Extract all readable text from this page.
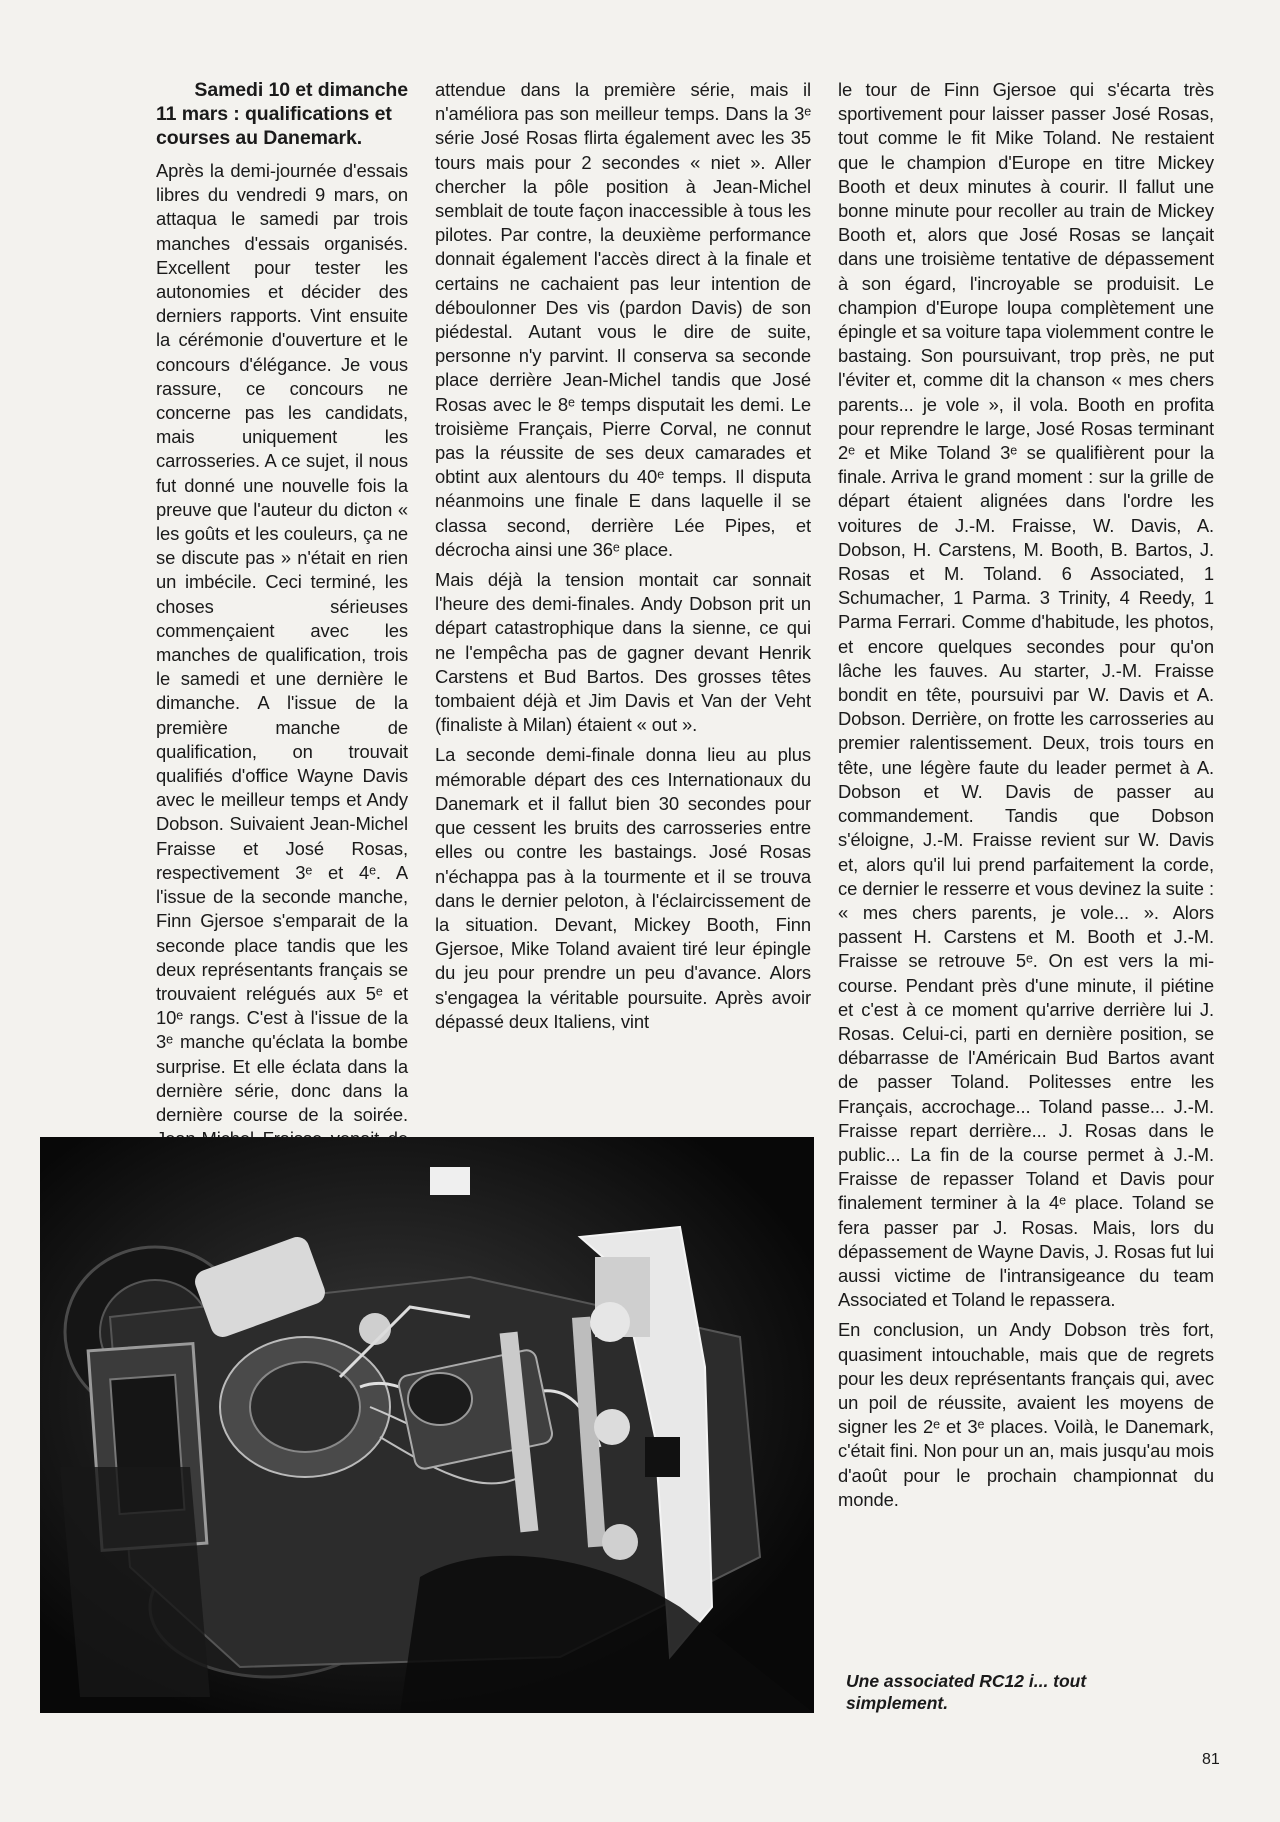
Samedi 10 et dimanche
11 mars : qualifications et courses au Danemark.

Après la demi-journée d'essais libres du vendredi 9 mars, on attaqua le samedi par trois manches d'essais organisés. Excellent pour tester les autonomies et décider des derniers rapports. Vint ensuite la cérémonie d'ouverture et le concours d'élégance. Je vous rassure, ce concours ne concerne pas les candidats, mais uniquement les carrosseries. A ce sujet, il nous fut donné une nouvelle fois la preuve que l'auteur du dicton « les goûts et les couleurs, ça ne se discute pas » n'était en rien un imbécile. Ceci terminé, les choses sérieuses commençaient avec les manches de qualification, trois le samedi et une dernière le dimanche. A l'issue de la première manche de qualification, on trouvait qualifiés d'office Wayne Davis avec le meilleur temps et Andy Dobson. Suivaient Jean-Michel Fraisse et José Rosas, respectivement 3ᵉ et 4ᵉ. A l'issue de la seconde manche, Finn Gjersoe s'emparait de la seconde place tandis que les deux représentants français se trouvaient relégués aux 5ᵉ et 10ᵉ rangs. C'est à l'issue de la 3ᵉ manche qu'éclata la bombe surprise. Et elle éclata dans la dernière série, donc dans la dernière course de la soirée.

attendue dans la première série, mais il n'améliora pas son meilleur temps. Dans la 3ᵉ série José Rosas flirta également avec les 35 tours mais pour 2 secondes « niet ». Aller chercher la pôle position à Jean-Michel semblait de toute façon inaccessible à tous les pilotes. Par contre, la deuxième performance donnait également l'accès direct à la finale et certains ne cachaient pas leur intention de déboulonner Des vis (pardon Davis) de son piédestal. Autant vous le dire de suite, personne n'y parvint. Il conserva sa seconde place derrière Jean-Michel tandis que José Rosas avec le 8ᵉ temps disputait les demi. Le troisième Français, Pierre Corval, ne connut pas la réussite de ses deux camarades et obtint aux alentours du 40ᵉ temps. Il disputa néanmoins une finale E dans laquelle il se classa second, derrière Lée Pipes, et décrocha ainsi une 36ᵉ place.

Mais déjà la tension montait car sonnait l'heure des demi-finales. Andy Dobson prit un départ catastrophique dans la sienne, ce qui ne l'empêcha pas de gagner devant Henrik Carstens et Bud Bartos. Des grosses têtes tombaient déjà et Jim Davis et Van der Veht (finaliste à Milan) étaient « out ».

La seconde demi-finale donna lieu au plus mémorable départ des ces Internationaux du Danemark et il fallut bien 30 secondes pour que cessent les bruits des carrosseries entre elles ou contre les bastaings. José Rosas n'échappa pas à la tourmente et il se trouva dans le dernier peloton, à l'éclaircissement de la situation. Devant, Mickey Booth, Finn Gjersoe, Mike Toland avaient tiré leur épingle du jeu pour prendre un peu d'avance. Alors s'engagea la véritable poursuite. Après avoir dépassé deux Italiens, vint

le tour de Finn Gjersoe qui s'écarta très sportivement pour laisser passer José Rosas, tout comme le fit Mike Toland. Ne restaient que le champion d'Europe en titre Mickey Booth et deux minutes à courir. Il fallut une bonne minute pour recoller au train de Mickey Booth et, alors que José Rosas se lançait dans une troisième tentative de dépassement à son égard, l'incroyable se produisit. Le champion d'Europe loupa complètement une épingle et sa voiture tapa violemment contre le bastaing. Son poursuivant, trop près, ne put l'éviter et, comme dit la chanson « mes chers parents... je vole », il vola. Booth en profita pour reprendre le large, José Rosas terminant 2ᵉ et Mike Toland 3ᵉ se qualifièrent pour la finale. Arriva le grand moment : sur la grille de départ étaient alignées dans l'ordre les voitures de J.-M. Fraisse, W. Davis, A. Dobson, H. Carstens, M. Booth, B. Bartos, J. Rosas et M. Toland. 6 Associated, 1 Schumacher, 1 Parma. 3 Trinity, 4 Reedy, 1 Parma Ferrari. Comme d'habitude, les photos, et encore quelques secondes pour qu'on lâche les fauves. Au starter, J.-M. Fraisse bondit en tête, poursuivi par W. Davis et A. Dobson. Derrière, on frotte les carrosseries au premier ralentissement. Deux, trois tours en tête, une légère faute du leader permet à A. Dobson et W. Davis de passer au commandement. Tandis que Dobson s'éloigne, J.-M. Fraisse revient sur W. Davis et, alors qu'il lui prend parfaitement la corde, ce dernier le resserre et vous devinez la suite : « mes chers parents, je vole... ». Alors passent H. Carstens et M. Booth et J.-M. Fraisse se retrouve 5ᵉ. On est vers la mi-course. Pendant près d'une minute, il piétine et c'est à ce moment qu'arrive derrière lui J. Rosas. Celui-ci, parti en dernière position, se débarrasse de l'Américain Bud Bartos avant de passer Toland. Politesses entre les Français, accrochage... Toland passe... J.-M. Fraisse repart derrière... J. Rosas dans le public... La fin de la course permet à J.-M. Fraisse de repasser Toland et Davis pour finalement terminer à la 4ᵉ place. Toland se fera passer par J. Rosas. Mais, lors du dépassement de Wayne Davis, J. Rosas fut lui aussi victime de l'intransigeance du team Associated et Toland le repassera.

En conclusion, un Andy Dobson très fort, quasiment intouchable, mais que de regrets pour les deux représentants français qui, avec un poil de réussite, avaient les moyens de signer les 2ᵉ et 3ᵉ places. Voilà, le Danemark, c'était fini. Non pour un an, mais jusqu'au mois d'août pour le prochain championnat du monde.

Une associated RC12 i... tout simplement.
81
